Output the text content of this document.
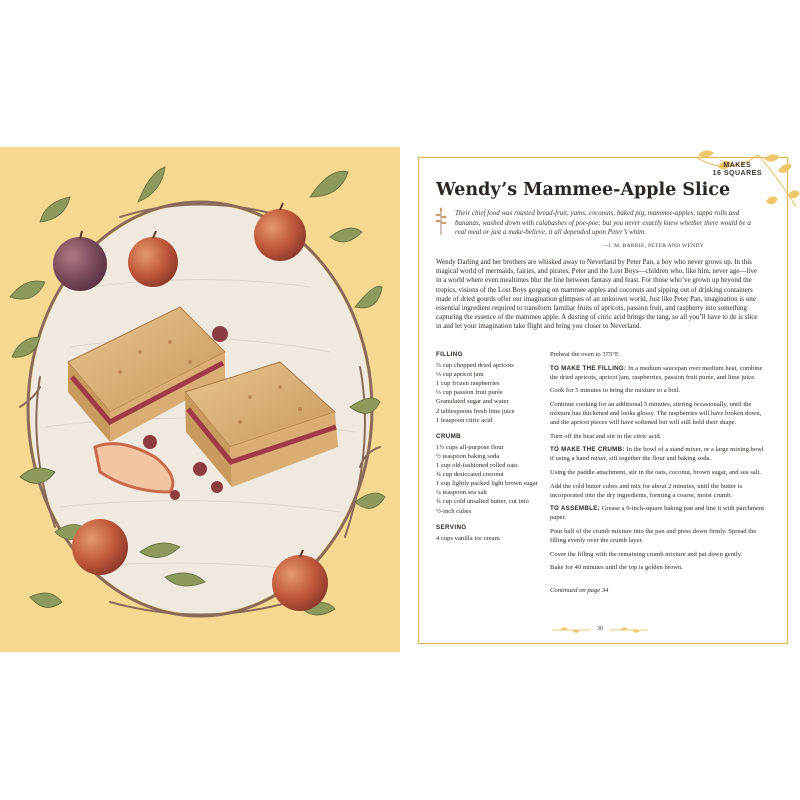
MAKES
16 SQUARES
Wendy’s Mammee-Apple Slice

Their chief food was roasted bread-fruit, yams, coconuts, baked pig, mammee-apples, tappa rolls and bananas, washed down with calabashes of poe-poe; but you never exactly knew whether there would be a real meal or just a make-believe, it all depended upon Peter’s whim.

—J. M. BARRIE, PETER AND WENDY

Wendy Darling and her brothers are whisked away to Neverland by Peter Pan, a boy who never grows up. In this magical world of mermaids, fairies, and pirates, Peter and the Lost Boys—children who, like him, never age—live in a world where even mealtimes blur the line between fantasy and feast. For those who’ve grown up beyond the tropics, visions of the Lost Boys gorging on mammee apples and coconuts and sipping out of drinking containers made of dried gourds offer our imagination glimpses of an unknown world. Just like Peter Pan, imagination is one essential ingredient required to transform familiar fruits of apricots, passion fruit, and raspberry into something capturing the essence of the mammee apple. A dusting of citric acid brings the tang, so all you’ll have to do is slice in and let your imagination take flight and bring you closer to Neverland.

FILLING
⅔ cup chopped dried apricots
⅓ cup apricot jam
1 cup frozen raspberries
⅓ cup passion fruit purée
Granulated sugar and water
2 tablespoons fresh lime juice
1 teaspoon citric acid
CRUMB
1½ cups all-purpose flour
½ teaspoon baking soda
1 cup old-fashioned rolled oats
¾ cup desiccated coconut
1 cup lightly packed light brown sugar
¼ teaspoon sea salt
¾ cup cold unsalted butter, cut into
½-inch cubes
SERVING
4 cups vanilla ice cream

Preheat the oven to 375°F.

TO MAKE THE FILLING: In a medium saucepan over medium heat, combine the dried apricots, apricot jam, raspberries, passion fruit purée, and lime juice.

Cook for 5 minutes to bring the mixture to a boil.

Continue cooking for an additional 5 minutes, stirring occasionally, until the mixture has thickened and looks glossy. The raspberries will have broken down, and the apricot pieces will have softened but will still hold their shape.

Turn off the heat and stir in the citric acid.

TO MAKE THE CRUMB: In the bowl of a stand mixer, or a large mixing bowl if using a hand mixer, sift together the flour and baking soda.

Using the paddle attachment, stir in the oats, coconut, brown sugar, and sea salt.

Add the cold butter cubes and mix for about 2 minutes, until the butter is incorporated into the dry ingredients, forming a coarse, moist crumb.

TO ASSEMBLE: Grease a 9-inch-square baking pan and line it with parchment paper.

Pour half of the crumb mixture into the pan and press down firmly. Spread the filling evenly over the crumb layer.

Cover the filling with the remaining crumb mixture and pat down gently.

Bake for 40 minutes until the top is golden brown.

Continued on page 34

30
